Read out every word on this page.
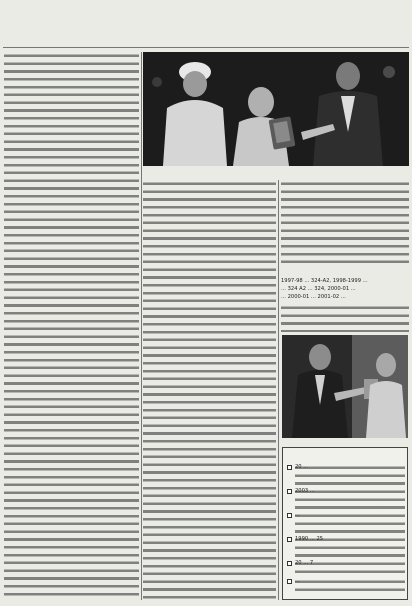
1997-98 ... 324-A2, 1998-1999 ...
... 324 A2 ... 324, 2000-01 ...
... 2000-01 ... 2001-02 ...

20 ...
2003 ...
...
1990 ... 25
20 ... 7
...
